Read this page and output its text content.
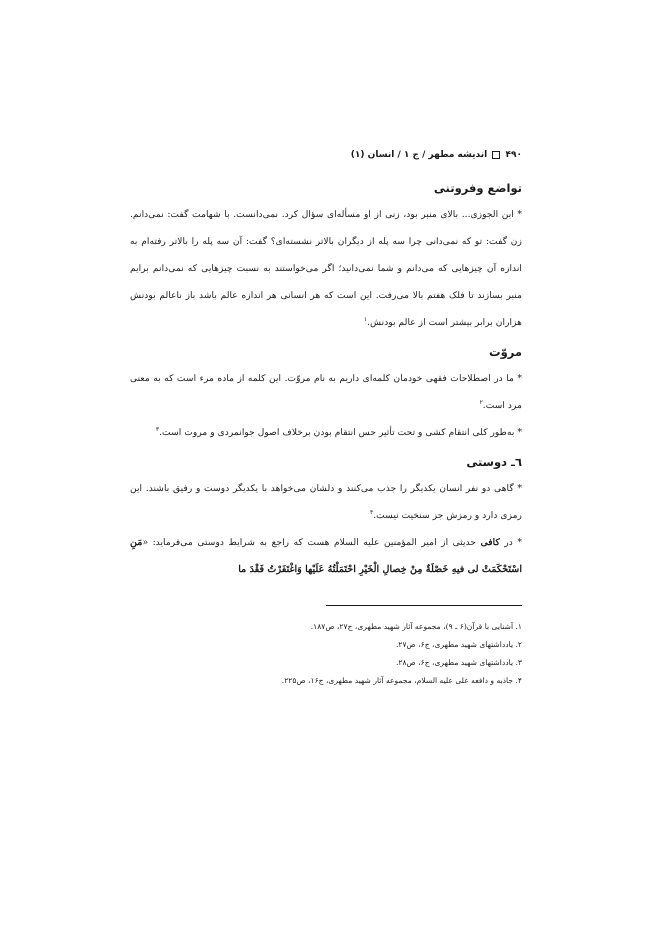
۴۹۰  اندیشه مطهر / ج ۱ / انسان (۱)
تواضع وفروتنی

* ابن الجوزی... بالای منبر بود، زنی از او مسأله‌ای سؤال کرد. نمی‌دانست. با شهامت گفت: نمی‌دانم. زن گفت: تو که نمی‌دانی چرا سه پله از دیگران بالاتر نشسته‌ای؟ گفت: آن سه پله را بالاتر رفته‌ام به اندازه آن چیزهایی که می‌دانم و شما نمی‌دانید؛ اگر می‌خواستند به نسبت چیزهایی که نمی‌دانم برایم منبر بسازند تا فلک هفتم بالا می‌رفت. این است که هر انسانی هر اندازه عالم باشد باز ناعالم بودنش هزاران برابر بیشتر است از عالم بودنش.$^۱$

مروّت

* ما در اصطلاحات فقهی خودمان کلمه‌ای داریم به نام مروّت. این کلمه از ماده مرء است که به معنی مرد است.$^۲$

* به‌طور کلی انتقام کشی و تحت تأثیر حس انتقام بودن برخلاف اصول جوانمردی و مروت است.$^۳$

٦ـ دوستی

* گاهی دو نفر انسان یکدیگر را جذب می‌کنند و دلشان می‌خواهد با یکدیگر دوست و رفیق باشند. این رمزی دارد و رمزش جز سنخیت نیست.$^۴$

* در کافی حدیثی از امیر المؤمنین علیه السلام هست که راجع به شرایط دوستی می‌فرماید: «مَنِ اسْتَحْکَمَتْ لی فیهِ خَصْلَةٌ مِنْ خِصالِ الْخَیْرِ احْتَمَلْتُهُ عَلَیْها وَاغْتَفَرْتُ فَقْدَ ما

۱. آشنایی با قرآن(۶ ـ ۹)، مجموعه آثار شهید مطهری، ج۲۷، ص۱۸۷.
۲. یادداشتهای شهید مطهری، ج۶، ص۲۷.
۳. یادداشتهای شهید مطهری، ج۶، ص۲۸.
۴. جاذبه و دافعه علی علیه السلام، مجموعه آثار شهید مطهری، ج۱۶، ص۲۲۵.
